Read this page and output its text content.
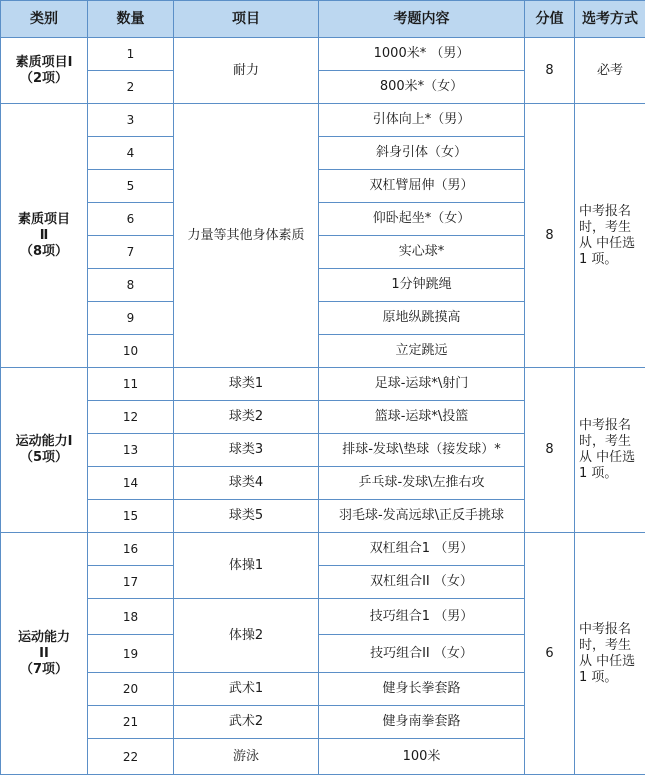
类别	数量	项目	考题内容	分值	选考方式
素质项目Ⅰ
（2项）	1	耐力	1000米* （男）	8	必考
	2		800米*（女）		
素质项目
Ⅱ
（8项）	3	力量等其他身体素质	引体向上*（男）	8	中考报名时，考生从 中任选1 项。
	4		斜身引体（女）		
	5		双杠臂屈伸（男）		
	6		仰卧起坐*（女）		
	7		实心球*		
	8		1分钟跳绳		
	9		原地纵跳摸高		
	10		立定跳远		
运动能力Ⅰ
（5项）	11	球类1	足球-运球*\射门	8	中考报名时，考生从 中任选1 项。
	12	球类2	篮球-运球*\投篮		
	13	球类3	排球-发球\垫球（接发球）*		
	14	球类4	乒乓球-发球\左推右攻		
	15	球类5	羽毛球-发高远球\正反手挑球		
运动能力
II
（7项）	16	体操1	双杠组合1 （男）	6	中考报名时，考生从 中任选1 项。
	17		双杠组合II （女）		
	18	体操2	技巧组合1 （男）		
	19		技巧组合II （女）		
	20	武术1	健身长拳套路		
	21	武术2	健身南拳套路		
	22	游泳	100米		
